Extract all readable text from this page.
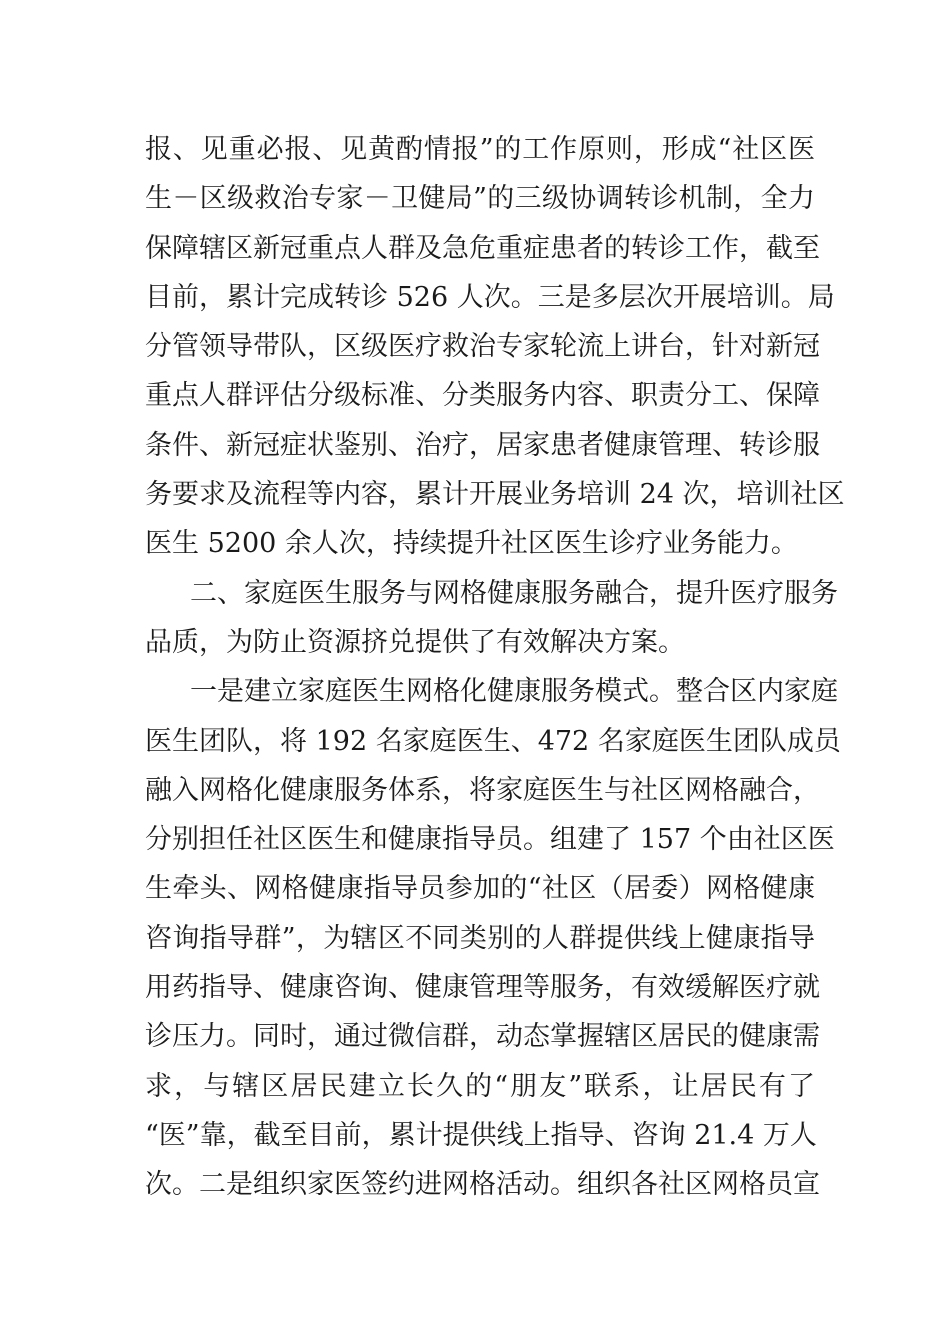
报、见重必报、见黄酌情报”的工作原则，形成“社区医
生－区级救治专家－卫健局”的三级协调转诊机制，全力
保障辖区新冠重点人群及急危重症患者的转诊工作，截至
目前，累计完成转诊 526 人次。三是多层次开展培训。局
分管领导带队，区级医疗救治专家轮流上讲台，针对新冠
重点人群评估分级标准、分类服务内容、职责分工、保障
条件、新冠症状鉴别、治疗，居家患者健康管理、转诊服
务要求及流程等内容，累计开展业务培训 24 次，培训社区
医生 5200 余人次，持续提升社区医生诊疗业务能力。
二、家庭医生服务与网格健康服务融合，提升医疗服务
品质，为防止资源挤兑提供了有效解决方案。
一是建立家庭医生网格化健康服务模式。整合区内家庭
医生团队，将 192 名家庭医生、472 名家庭医生团队成员
融入网格化健康服务体系，将家庭医生与社区网格融合，
分别担任社区医生和健康指导员。组建了 157 个由社区医
生牵头、网格健康指导员参加的“社区（居委）网格健康
咨询指导群”，为辖区不同类别的人群提供线上健康指导
用药指导、健康咨询、健康管理等服务，有效缓解医疗就
诊压力。同时，通过微信群，动态掌握辖区居民的健康需
求，与辖区居民建立长久的“朋友”联系，让居民有了
“医”靠，截至目前，累计提供线上指导、咨询 21.4 万人
次。二是组织家医签约进网格活动。组织各社区网格员宣
